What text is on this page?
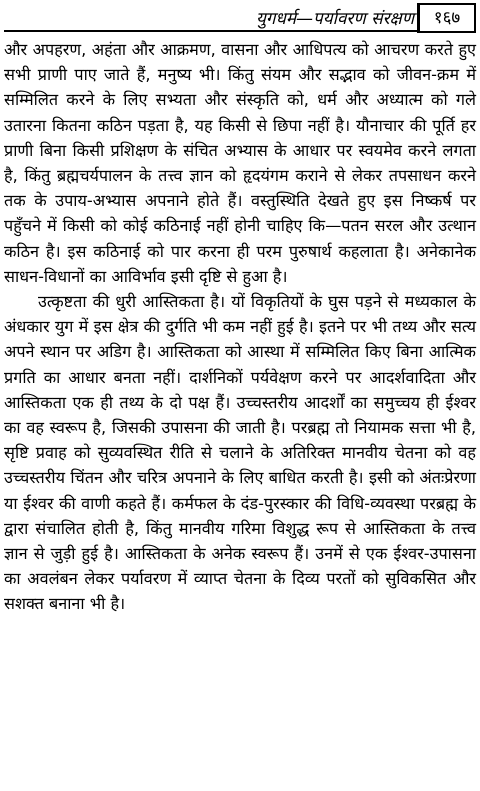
युगधर्म—पर्यावरण संरक्षण	१६७

और अपहरण, अहंता और आक्रमण, वासना और आधिपत्य को आचरण करते हुए सभी प्राणी पाए जाते हैं, मनुष्य भी। किंतु संयम और सद्भाव को जीवन-क्रम में सम्मिलित करने के लिए सभ्यता और संस्कृति को, धर्म और अध्यात्म को गले उतारना कितना कठिन पड़ता है, यह किसी से छिपा नहीं है। यौनाचार की पूर्ति हर प्राणी बिना किसी प्रशिक्षण के संचित अभ्यास के आधार पर स्वयमेव करने लगता है, किंतु ब्रह्मचर्यपालन के तत्त्व ज्ञान को हृदयंगम कराने से लेकर तपसाधन करने तक के उपाय-अभ्यास अपनाने होते हैं। वस्तुस्थिति देखते हुए इस निष्कर्ष पर पहुँचने में किसी को कोई कठिनाई नहीं होनी चाहिए कि—पतन सरल और उत्थान कठिन है। इस कठिनाई को पार करना ही परम पुरुषार्थ कहलाता है। अनेकानेक साधन-विधानों का आविर्भाव इसी दृष्टि से हुआ है।

उत्कृष्टता की धुरी आस्तिकता है। यों विकृतियों के घुस पड़ने से मध्यकाल के अंधकार युग में इस क्षेत्र की दुर्गति भी कम नहीं हुई है। इतने पर भी तथ्य और सत्य अपने स्थान पर अडिग है। आस्तिकता को आस्था में सम्मिलित किए बिना आत्मिक प्रगति का आधार बनता नहीं। दार्शनिकों पर्यवेक्षण करने पर आदर्शवादिता और आस्तिकता एक ही तथ्य के दो पक्ष हैं। उच्चस्तरीय आदर्शों का समुच्चय ही ईश्वर का वह स्वरूप है, जिसकी उपासना की जाती है। परब्रह्म तो नियामक सत्ता भी है, सृष्टि प्रवाह को सुव्यवस्थित रीति से चलाने के अतिरिक्त मानवीय चेतना को वह उच्चस्तरीय चिंतन और चरित्र अपनाने के लिए बाधित करती है। इसी को अंतःप्रेरणा या ईश्वर की वाणी कहते हैं। कर्मफल के दंड-पुरस्कार की विधि-व्यवस्था परब्रह्म के द्वारा संचालित होती है, किंतु मानवीय गरिमा विशुद्ध रूप से आस्तिकता के तत्त्व ज्ञान से जुड़ी हुई है। आस्तिकता के अनेक स्वरूप हैं। उनमें से एक ईश्वर-उपासना का अवलंबन लेकर पर्यावरण में व्याप्त चेतना के दिव्य परतों को सुविकसित और सशक्त बनाना भी है।
